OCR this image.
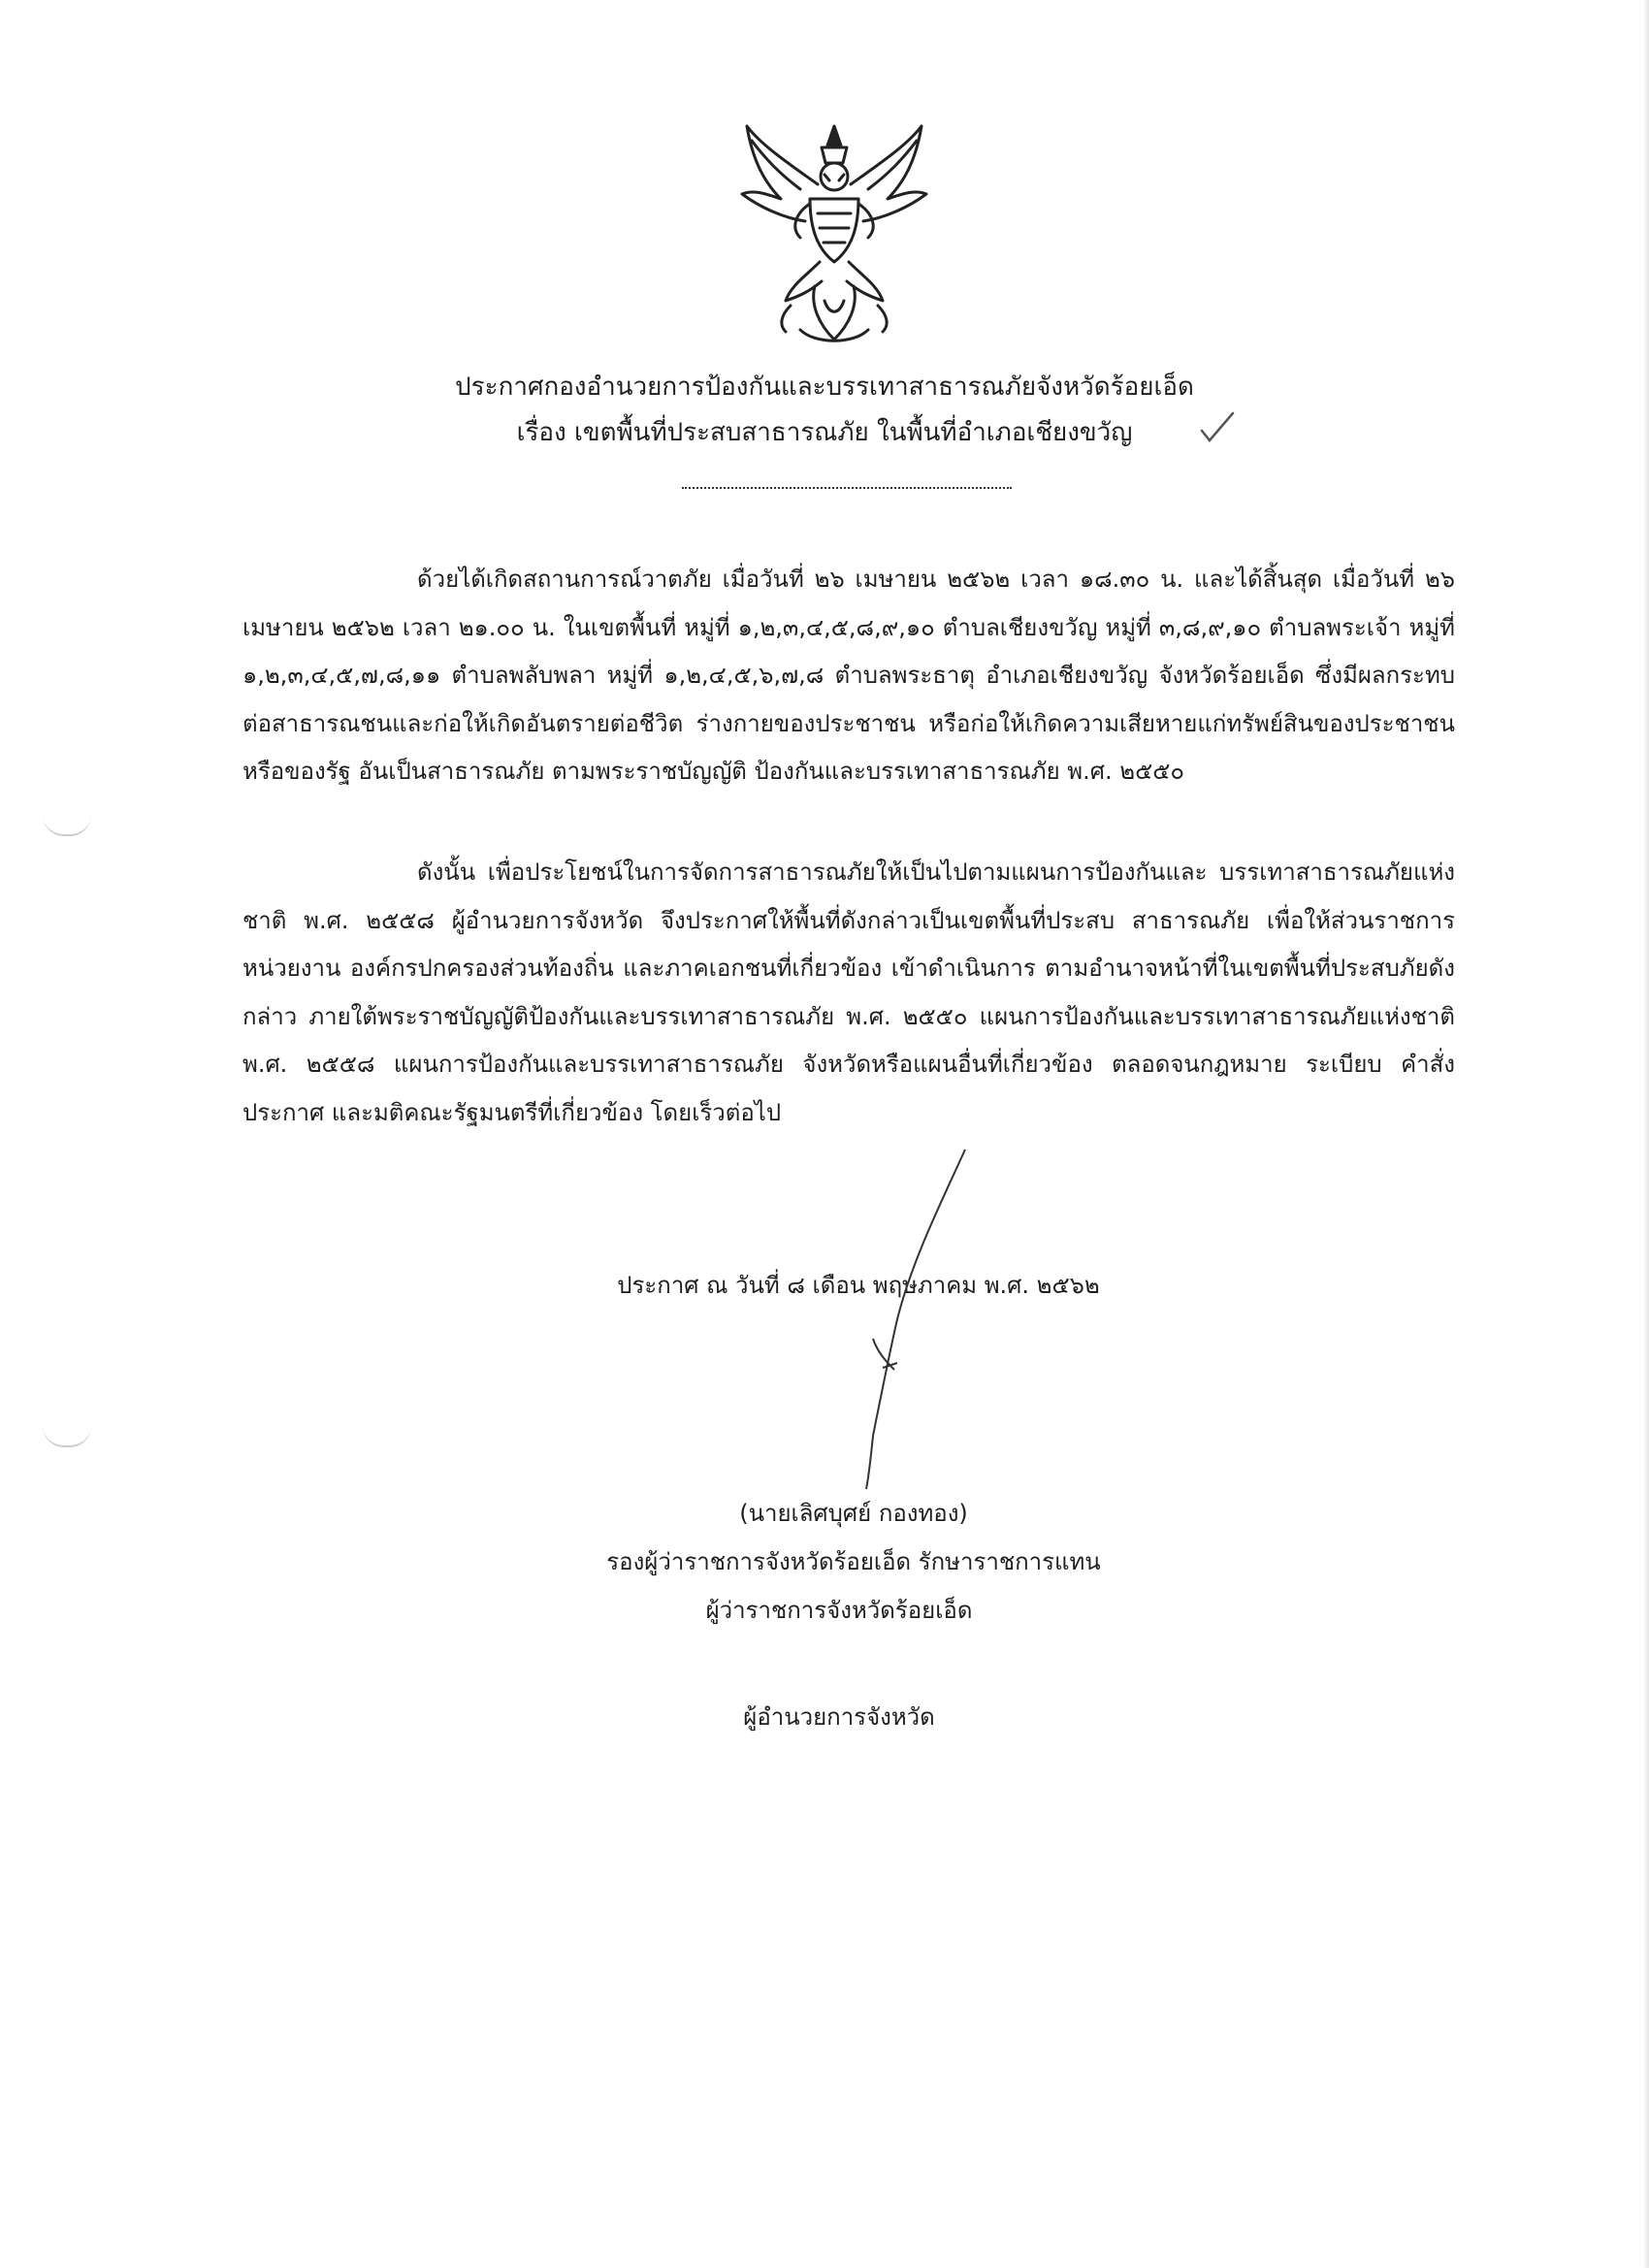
ประกาศกองอำนวยการป้องกันและบรรเทาสาธารณภัยจังหวัดร้อยเอ็ด
เรื่อง เขตพื้นที่ประสบสาธารณภัย ในพื้นที่อำเภอเชียงขวัญ

ด้วยได้เกิดสถานการณ์วาตภัย เมื่อวันที่ ๒๖ เมษายน ๒๕๖๒ เวลา ๑๘.๓๐ น. และได้สิ้นสุด เมื่อวันที่ ๒๖ เมษายน ๒๕๖๒ เวลา ๒๑.๐๐ น. ในเขตพื้นที่ หมู่ที่ ๑,๒,๓,๔,๕,๘,๙,๑๐ ตำบลเชียงขวัญ หมู่ที่ ๓,๘,๙,๑๐ ตำบลพระเจ้า หมู่ที่ ๑,๒,๓,๔,๕,๗,๘,๑๑ ตำบลพลับพลา หมู่ที่ ๑,๒,๔,๕,๖,๗,๘ ตำบลพระธาตุ อำเภอเชียงขวัญ จังหวัดร้อยเอ็ด ซึ่งมีผลกระทบต่อสาธารณชนและก่อให้เกิดอันตรายต่อชีวิต ร่างกายของประชาชน หรือก่อให้เกิดความเสียหายแก่ทรัพย์สินของประชาชน หรือของรัฐ อันเป็นสาธารณภัย ตามพระราชบัญญัติ ป้องกันและบรรเทาสาธารณภัย พ.ศ. ๒๕๕๐

ดังนั้น เพื่อประโยชน์ในการจัดการสาธารณภัยให้เป็นไปตามแผนการป้องกันและ บรรเทาสาธารณภัยแห่งชาติ พ.ศ. ๒๕๕๘ ผู้อำนวยการจังหวัด จึงประกาศให้พื้นที่ดังกล่าวเป็นเขตพื้นที่ประสบ สาธารณภัย เพื่อให้ส่วนราชการ หน่วยงาน องค์กรปกครองส่วนท้องถิ่น และภาคเอกชนที่เกี่ยวข้อง เข้าดำเนินการ ตามอำนาจหน้าที่ในเขตพื้นที่ประสบภัยดังกล่าว ภายใต้พระราชบัญญัติป้องกันและบรรเทาสาธารณภัย พ.ศ. ๒๕๕๐ แผนการป้องกันและบรรเทาสาธารณภัยแห่งชาติ พ.ศ. ๒๕๕๘ แผนการป้องกันและบรรเทาสาธารณภัย จังหวัดหรือแผนอื่นที่เกี่ยวข้อง ตลอดจนกฎหมาย ระเบียบ คำสั่ง ประกาศ และมติคณะรัฐมนตรีที่เกี่ยวข้อง โดยเร็วต่อไป

ประกาศ ณ วันที่ ๘ เดือน พฤษภาคม พ.ศ. ๒๕๖๒
(นายเลิศบุศย์ กองทอง)
รองผู้ว่าราชการจังหวัดร้อยเอ็ด รักษาราชการแทน
ผู้ว่าราชการจังหวัดร้อยเอ็ด
ผู้อำนวยการจังหวัด
